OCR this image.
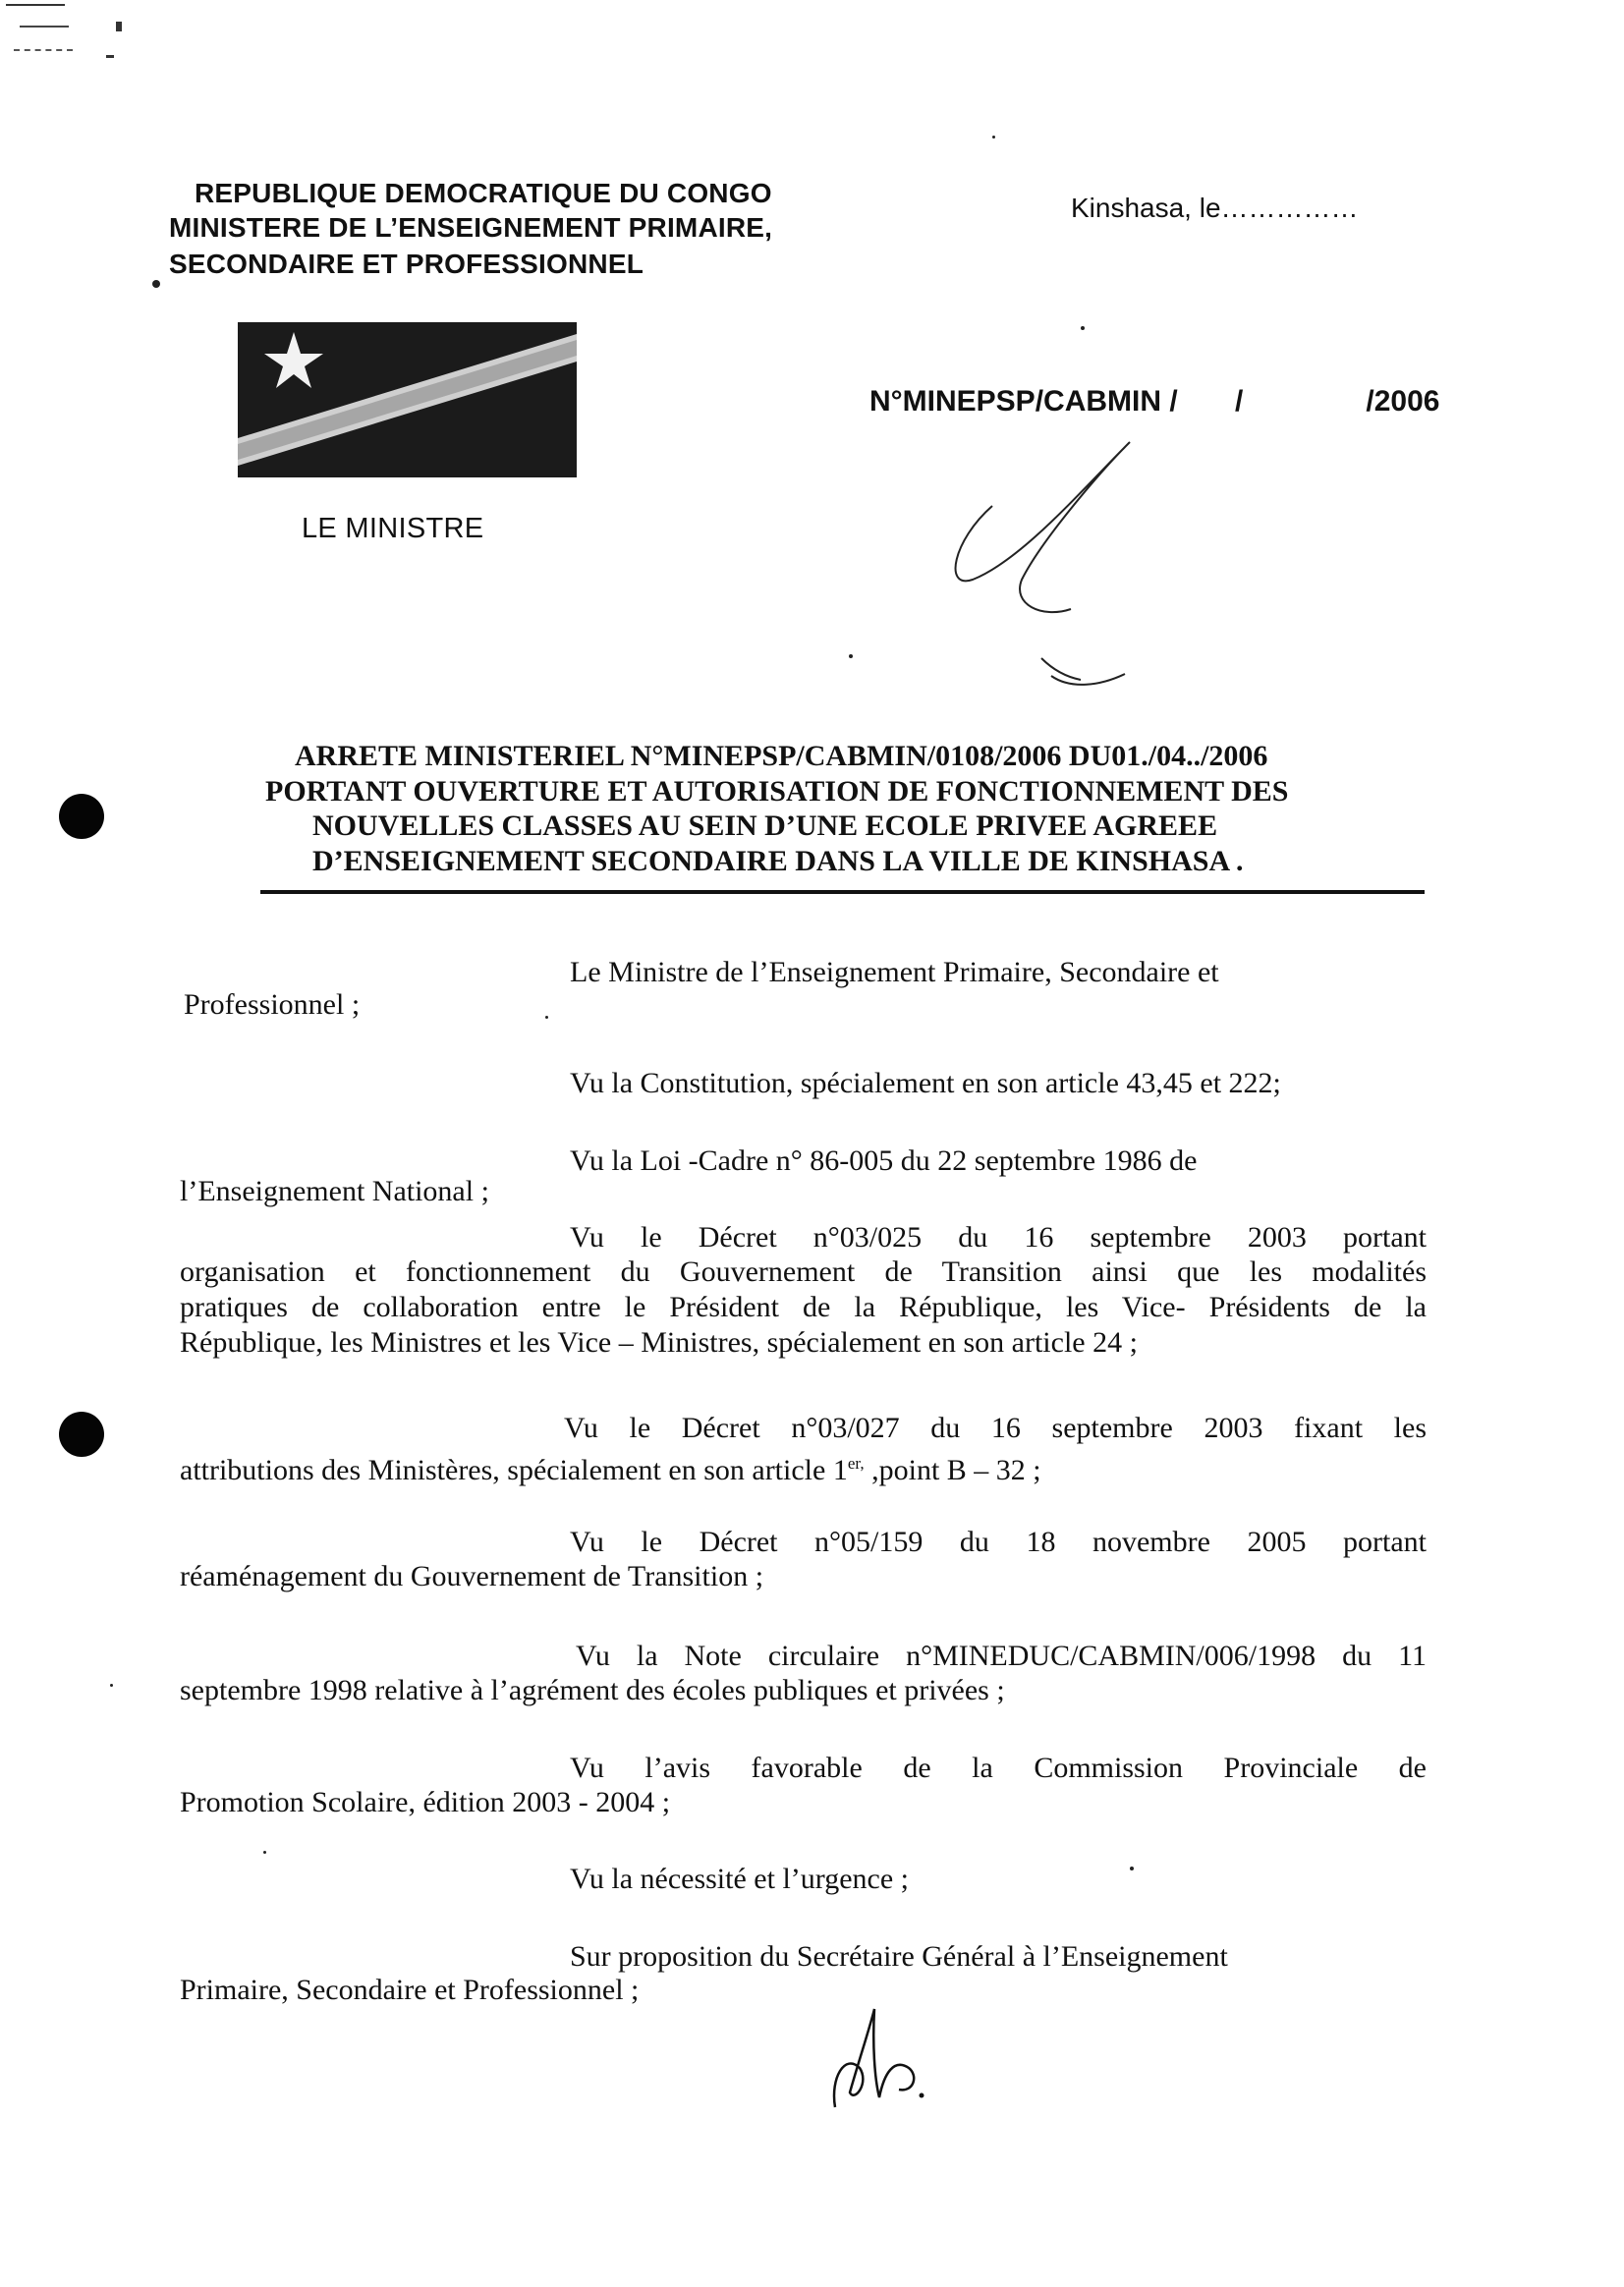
REPUBLIQUE DEMOCRATIQUE DU CONGO
MINISTERE DE L’ENSEIGNEMENT PRIMAIRE,
SECONDAIRE ET PROFESSIONNEL
Kinshasa, le……………
LE MINISTRE
N°MINEPSP/CABMIN /       /               /2006
ARRETE MINISTERIEL N°MINEPSP/CABMIN/0108/2006 DU01./04../2006
PORTANT OUVERTURE ET AUTORISATION DE FONCTIONNEMENT DES
NOUVELLES CLASSES AU SEIN D’UNE ECOLE PRIVEE AGREEE
D’ENSEIGNEMENT SECONDAIRE DANS LA VILLE DE KINSHASA .
Le Ministre de l’Enseignement Primaire, Secondaire et
Professionnel ;
Vu la Constitution, spécialement en son article 43,45 et 222;
Vu la Loi -Cadre n° 86-005 du 22 septembre 1986 de
l’Enseignement National ;
Vu le Décret n°03/025 du 16 septembre 2003 portant
organisation et fonctionnement du Gouvernement de Transition ainsi que les modalités
pratiques de collaboration entre le Président de la République, les Vice- Présidents de la
République, les Ministres et les Vice – Ministres, spécialement en son article 24 ;
Vu le Décret n°03/027 du 16 septembre 2003 fixant les
attributions des Ministères, spécialement en son article $1^{er,}$ ,point B – 32 ;
Vu le Décret n°05/159 du 18 novembre 2005 portant
réaménagement du Gouvernement de Transition ;
Vu la Note circulaire n°MINEDUC/CABMIN/006/1998 du 11
septembre 1998 relative à l’agrément des écoles publiques et privées ;
Vu l’avis favorable de la Commission Provinciale de
Promotion Scolaire, édition 2003 - 2004 ;
Vu la nécessité et l’urgence ;
Sur proposition du Secrétaire Général à l’Enseignement
Primaire, Secondaire et Professionnel ;
